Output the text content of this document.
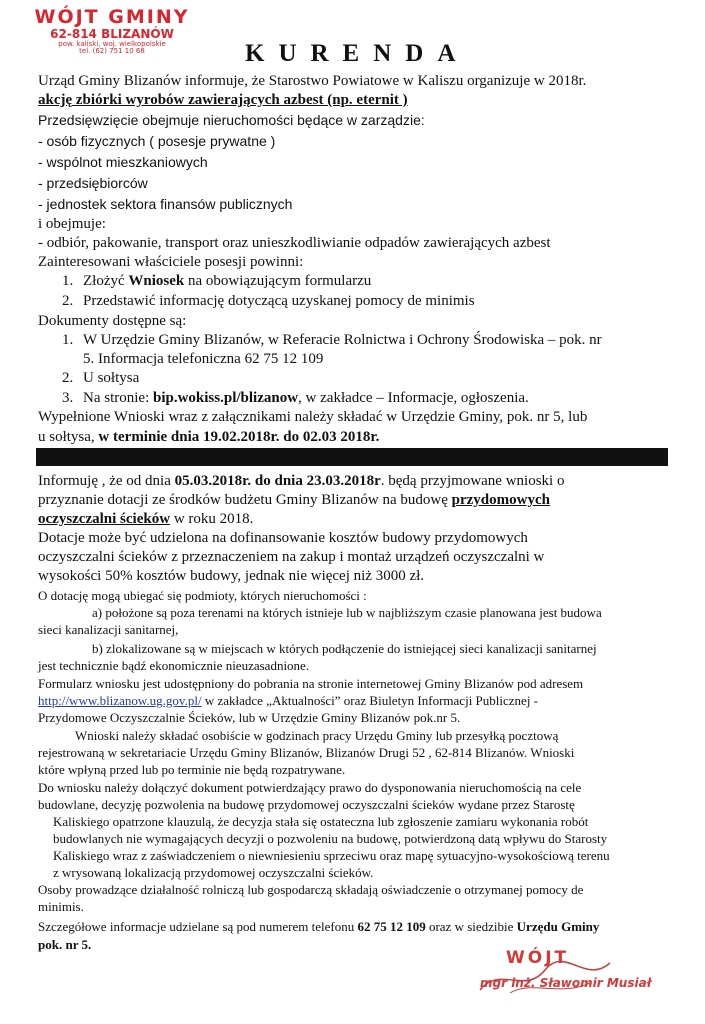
WÓJT GMINY
62-814 BLIZANÓW
pow. kaliski, woj. wielkopolskie
tel. (62) 751 10 68	KURENDA
Urząd Gminy Blizanów informuje, że Starostwo Powiatowe w Kaliszu organizuje w 2018r.
akcję zbiórki wyrobów zawierających azbest (np. eternit )
Przedsięwzięcie obejmuje nieruchomości będące w zarządzie:
- osób fizycznych ( posesje prywatne )
- wspólnot mieszkaniowych
- przedsiębiorców
- jednostek sektora finansów publicznych
i obejmuje:
- odbiór, pakowanie, transport oraz unieszkodliwianie odpadów zawierających azbest
Zainteresowani właściciele posesji powinni:
1. Złożyć Wniosek na obowiązującym formularzu
2. Przedstawić informację dotyczącą uzyskanej pomocy de minimis
Dokumenty dostępne są:
1. W Urzędzie Gminy Blizanów, w Referacie Rolnictwa i Ochrony Środowiska – pok. nr
5. Informacja telefoniczna 62 75 12 109
2. U sołtysa
3. Na stronie: bip.wokiss.pl/blizanow, w zakładce – Informacje, ogłoszenia.
Wypełnione Wnioski wraz z załącznikami należy składać w Urzędzie Gminy, pok. nr 5, lub
u sołtysa, w terminie dnia 19.02.2018r. do 02.03 2018r.
Informuję , że od dnia 05.03.2018r. do dnia 23.03.2018r. będą przyjmowane wnioski o
przyznanie dotacji ze środków budżetu Gminy Blizanów na budowę przydomowych
oczyszczalni ścieków w roku 2018.
Dotacje może być udzielona na dofinansowanie kosztów budowy przydomowych
oczyszczalni ścieków z przeznaczeniem na zakup i montaż urządzeń oczyszczalni w
wysokości 50% kosztów budowy, jednak nie więcej niż 3000 zł.
O dotację mogą ubiegać się podmioty, których nieruchomości :
a) położone są poza terenami na których istnieje lub w najbliższym czasie planowana jest budowa
sieci kanalizacji sanitarnej,
b) zlokalizowane są w miejscach w których podłączenie do istniejącej sieci kanalizacji sanitarnej
jest technicznie bądź ekonomicznie nieuzasadnione.
Formularz wniosku jest udostępniony do pobrania na stronie internetowej Gminy Blizanów pod adresem
http://www.blizanow.ug.gov.pl/ w zakładce „Aktualności” oraz Biuletyn Informacji Publicznej -
Przydomowe Oczyszczalnie Ścieków, lub w Urzędzie Gminy Blizanów pok.nr 5.
Wnioski należy składać osobiście w godzinach pracy Urzędu Gminy lub przesyłką pocztową
rejestrowaną w sekretariacie Urzędu Gminy Blizanów, Blizanów Drugi 52 , 62-814 Blizanów. Wnioski
które wpłyną przed lub po terminie nie będą rozpatrywane.
Do wniosku należy dołączyć dokument potwierdzający prawo do dysponowania nieruchomością na cele
budowlane, decyzję pozwolenia na budowę przydomowej oczyszczalni ścieków wydane przez Starostę
Kaliskiego opatrzone klauzulą, że decyzja stała się ostateczna lub zgłoszenie zamiaru wykonania robót
budowlanych nie wymagających decyzji o pozwoleniu na budowę, potwierdzoną datą wpływu do Starosty
Kaliskiego wraz z zaświadczeniem o niewniesieniu sprzeciwu oraz mapę sytuacyjno-wysokościową terenu
z wrysowaną lokalizacją przydomowej oczyszczalni ścieków.
Osoby prowadzące działalność rolniczą lub gospodarczą składają oświadczenie o otrzymanej pomocy de
minimis.
Szczegółowe informacje udzielane są pod numerem telefonu 62 75 12 109 oraz w siedzibie Urzędu Gminy
pok. nr 5.
WÓJT
mgr inż. Sławomir Musiał
